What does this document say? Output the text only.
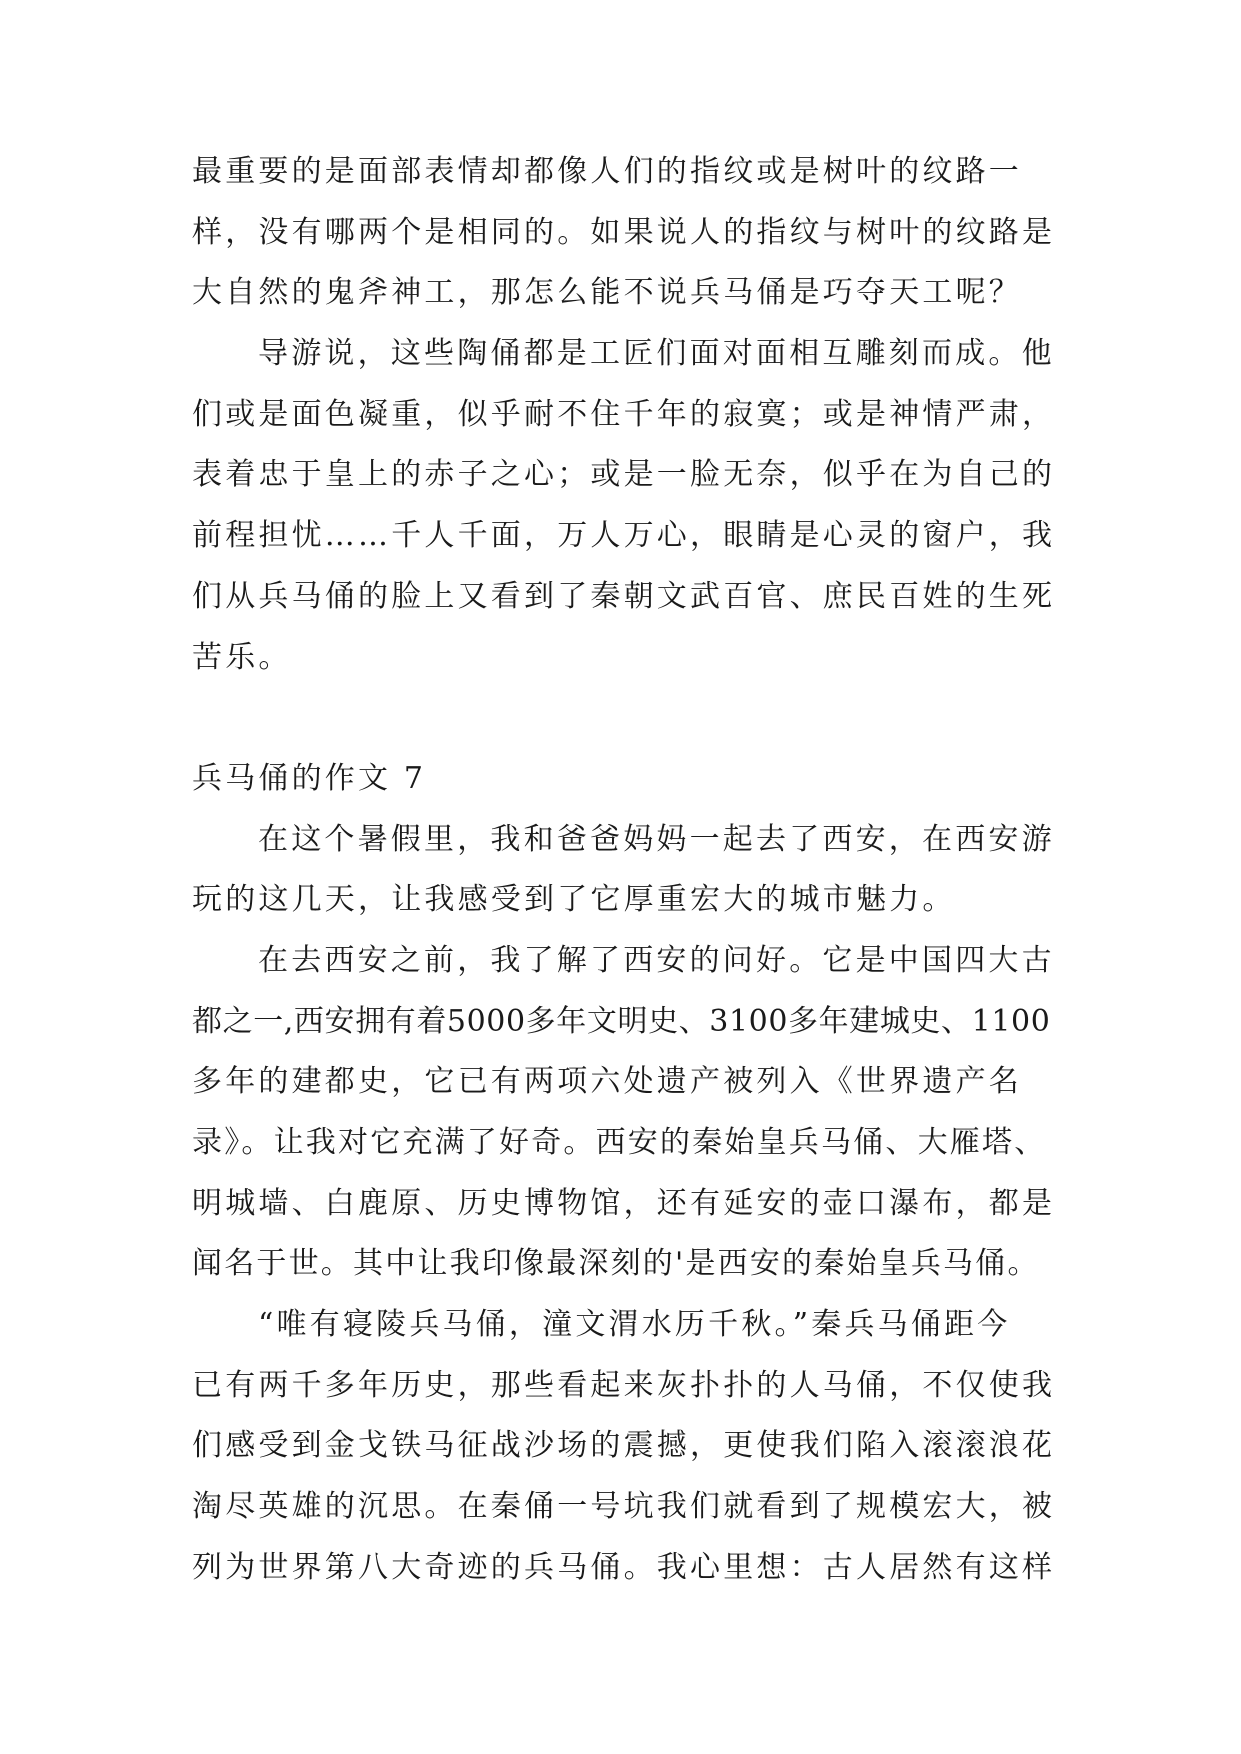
最重要的是面部表情却都像人们的指纹或是树叶的纹路一
样，没有哪两个是相同的。如果说人的指纹与树叶的纹路是
大自然的鬼斧神工，那怎么能不说兵马俑是巧夺天工呢？
导游说，这些陶俑都是工匠们面对面相互雕刻而成。他
们或是面色凝重，似乎耐不住千年的寂寞；或是神情严肃，
表着忠于皇上的赤子之心；或是一脸无奈，似乎在为自己的
前程担忧……千人千面，万人万心，眼睛是心灵的窗户，我
们从兵马俑的脸上又看到了秦朝文武百官、庶民百姓的生死
苦乐。
兵马俑的作文 7
在这个暑假里，我和爸爸妈妈一起去了西安，在西安游
玩的这几天，让我感受到了它厚重宏大的城市魅力。
在去西安之前，我了解了西安的问好。它是中国四大古
都之一,西安拥有着5000多年文明史、3100多年建城史、1100
多年的建都史，它已有两项六处遗产被列入《世界遗产名
录》。让我对它充满了好奇。西安的秦始皇兵马俑、大雁塔、
明城墙、白鹿原、历史博物馆，还有延安的壶口瀑布，都是
闻名于世。其中让我印像最深刻的'是西安的秦始皇兵马俑。
“唯有寝陵兵马俑，潼文渭水历千秋。”秦兵马俑距今
已有两千多年历史，那些看起来灰扑扑的人马俑，不仅使我
们感受到金戈铁马征战沙场的震撼，更使我们陷入滚滚浪花
淘尽英雄的沉思。在秦俑一号坑我们就看到了规模宏大，被
列为世界第八大奇迹的兵马俑。我心里想：古人居然有这样
